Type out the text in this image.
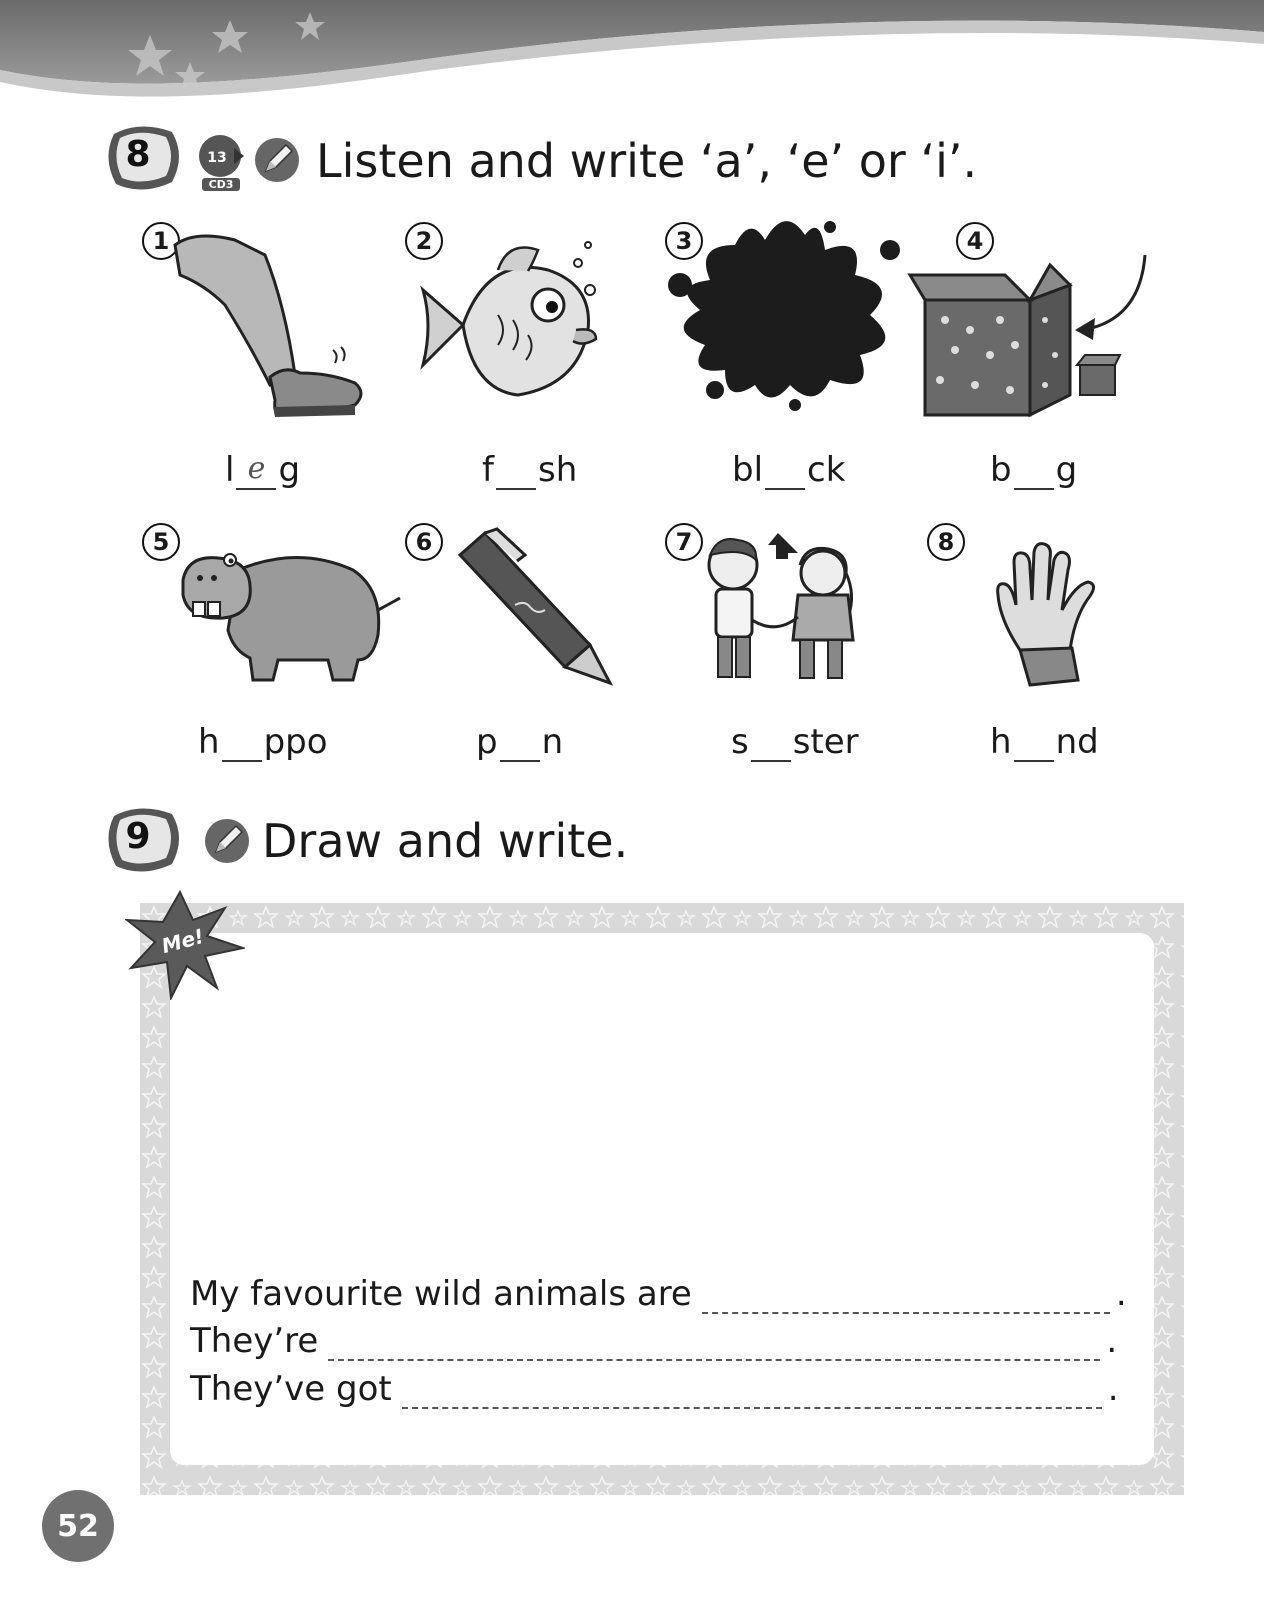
8	13
CD3 Listen and write ‘a’, ‘e’ or ‘i’.
1	2	3	4
l e g	f sh	bl ck	b g
5	6	7	8
h ppo	p n	s ster	h nd
9	Draw and write.
Me!
My favourite wild animals are	.
They’re	.
They’ve got	.
52
